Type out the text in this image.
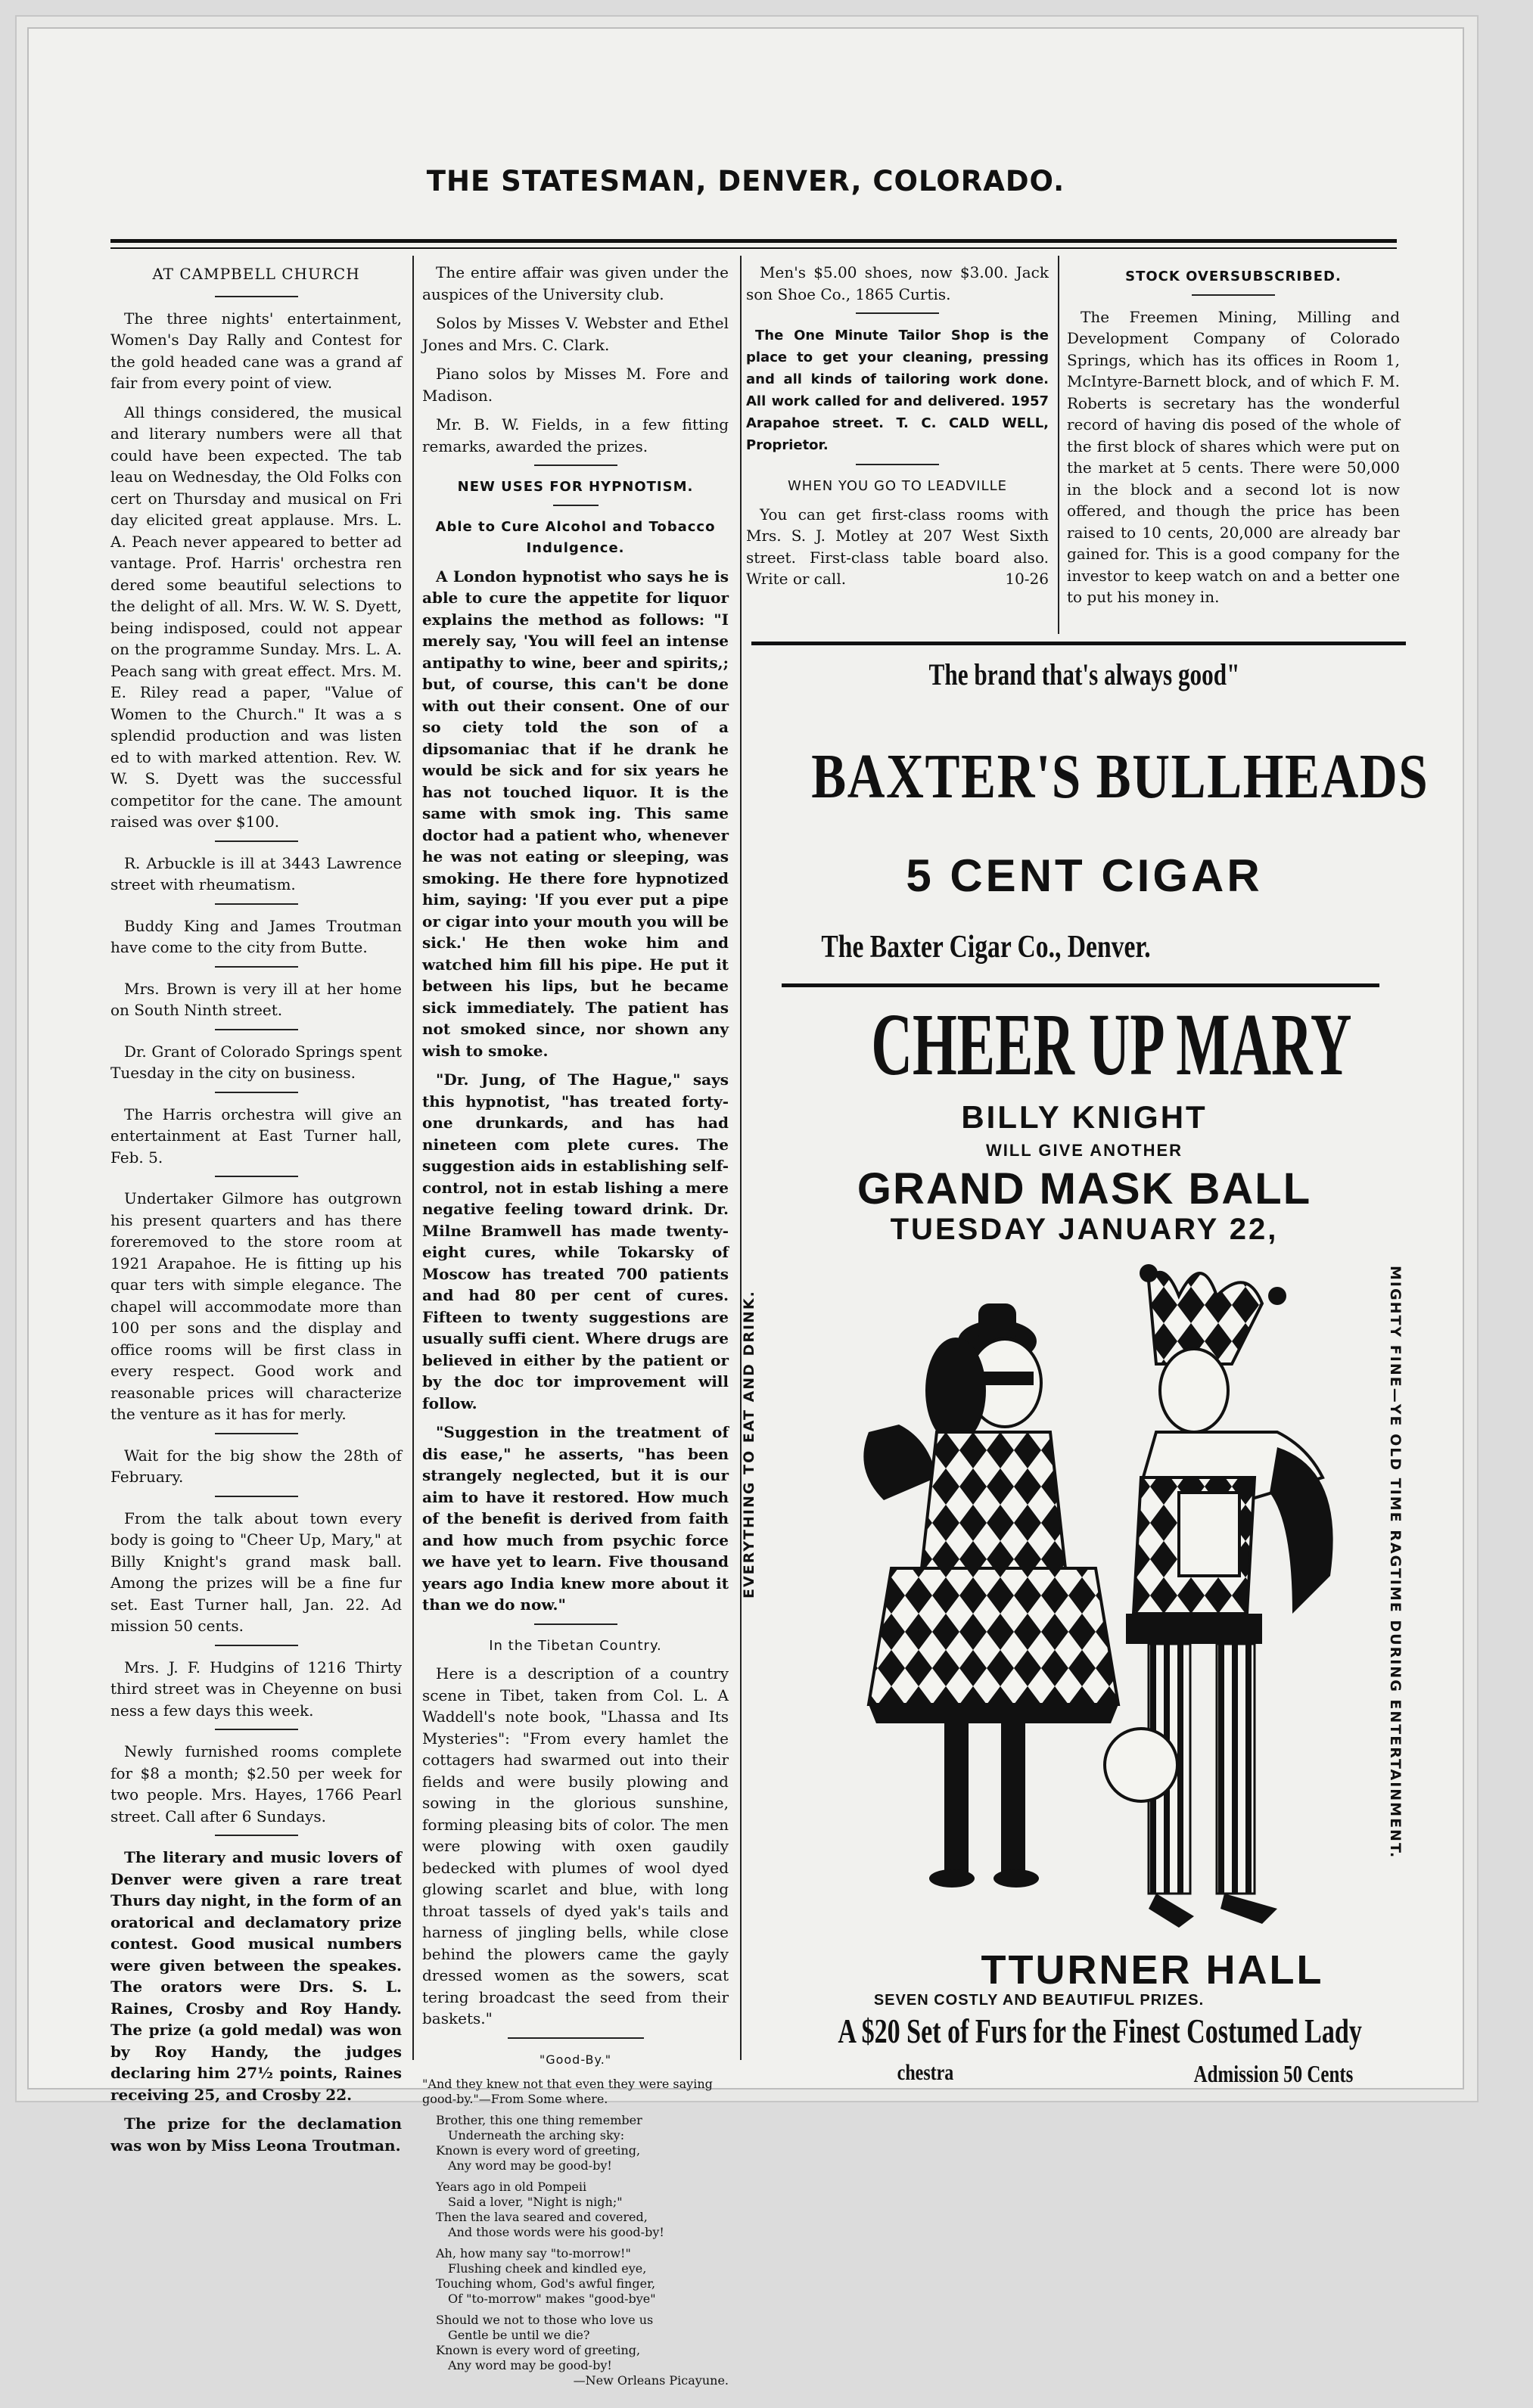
THE STATESMAN, DENVER, COLORADO.
AT CAMPBELL CHURCH

The three nights' entertainment, Women's Day Rally and Contest for the gold headed cane was a grand af fair from every point of view.

All things considered, the musical and literary numbers were all that could have been expected. The tab leau on Wednesday, the Old Folks con cert on Thursday and musical on Fri day elicited great applause. Mrs. L. A. Peach never appeared to better ad vantage. Prof. Harris' orchestra ren dered some beautiful selections to the delight of all. Mrs. W. W. S. Dyett, being indisposed, could not appear on the programme Sunday. Mrs. L. A. Peach sang with great effect. Mrs. M. E. Riley read a paper, "Value of Women to the Church." It was a s splendid production and was listen ed to with marked attention. Rev. W. W. S. Dyett was the successful competitor for the cane. The amount raised was over $100.

R. Arbuckle is ill at 3443 Lawrence street with rheumatism.

Buddy King and James Troutman have come to the city from Butte.

Mrs. Brown is very ill at her home on South Ninth street.

Dr. Grant of Colorado Springs spent Tuesday in the city on business.

The Harris orchestra will give an entertainment at East Turner hall, Feb. 5.

Undertaker Gilmore has outgrown his present quarters and has there foreremoved to the store room at 1921 Arapahoe. He is fitting up his quar ters with simple elegance. The chapel will accommodate more than 100 per sons and the display and office rooms will be first class in every respect. Good work and reasonable prices will characterize the venture as it has for merly.

Wait for the big show the 28th of February.

From the talk about town every body is going to "Cheer Up, Mary," at Billy Knight's grand mask ball. Among the prizes will be a fine fur set. East Turner hall, Jan. 22. Ad mission 50 cents.

Mrs. J. F. Hudgins of 1216 Thirty third street was in Cheyenne on busi ness a few days this week.

Newly furnished rooms complete for $8 a month; $2.50 per week for two people. Mrs. Hayes, 1766 Pearl street. Call after 6 Sundays.

The literary and music lovers of Denver were given a rare treat Thurs day night, in the form of an oratorical and declamatory prize contest. Good musical numbers were given between the speakes. The orators were Drs. S. L. Raines, Crosby and Roy Handy. The prize (a gold medal) was won by Roy Handy, the judges declaring him 27½ points, Raines receiving 25, and Crosby 22.

The prize for the declamation was won by Miss Leona Troutman.

The entire affair was given under the auspices of the University club.

Solos by Misses V. Webster and Ethel Jones and Mrs. C. Clark.

Piano solos by Misses M. Fore and Madison.

Mr. B. W. Fields, in a few fitting remarks, awarded the prizes.

NEW USES FOR HYPNOTISM.
Able to Cure Alcohol and Tobacco Indulgence.

A London hypnotist who says he is able to cure the appetite for liquor explains the method as follows: "I merely say, 'You will feel an intense antipathy to wine, beer and spirits,; but, of course, this can't be done with out their consent. One of our so ciety told the son of a dipsomaniac that if he drank he would be sick and for six years he has not touched liquor. It is the same with smok ing. This same doctor had a patient who, whenever he was not eating or sleeping, was smoking. He there fore hypnotized him, saying: 'If you ever put a pipe or cigar into your mouth you will be sick.' He then woke him and watched him fill his pipe. He put it between his lips, but he became sick immediately. The patient has not smoked since, nor shown any wish to smoke.

"Dr. Jung, of The Hague," says this hypnotist, "has treated forty-one drunkards, and has had nineteen com plete cures. The suggestion aids in establishing self-control, not in estab lishing a mere negative feeling toward drink. Dr. Milne Bramwell has made twenty-eight cures, while Tokarsky of Moscow has treated 700 patients and had 80 per cent of cures. Fifteen to twenty suggestions are usually suffi cient. Where drugs are believed in either by the patient or by the doc tor improvement will follow.

"Suggestion in the treatment of dis ease," he asserts, "has been strangely neglected, but it is our aim to have it restored. How much of the benefit is derived from faith and how much from psychic force we have yet to learn. Five thousand years ago India knew more about it than we do now."

In the Tibetan Country.

Here is a description of a country scene in Tibet, taken from Col. L. A Waddell's note book, "Lhassa and Its Mysteries": "From every hamlet the cottagers had swarmed out into their fields and were busily plowing and sowing in the glorious sunshine, forming pleasing bits of color. The men were plowing with oxen gaudily bedecked with plumes of wool dyed glowing scarlet and blue, with long throat tassels of dyed yak's tails and harness of jingling bells, while close behind the plowers came the gayly dressed women as the sowers, scat tering broadcast the seed from their baskets."

"Good-By."

"And they knew not that even they were saying good-by."—From Some where.

Brother, this one thing remember
Underneath the arching sky:
Known is every word of greeting,
Any word may be good-by!

Years ago in old Pompeii
Said a lover, "Night is nigh;"
Then the lava seared and covered,
And those words were his good-by!

Ah, how many say "to-morrow!"
Flushing cheek and kindled eye,
Touching whom, God's awful finger,
Of "to-morrow" makes "good-bye"

Should we not to those who love us
Gentle be until we die?
Known is every word of greeting,
Any word may be good-by!
—New Orleans Picayune.

Men's $5.00 shoes, now $3.00. Jack son Shoe Co., 1865 Curtis.

The One Minute Tailor Shop is the place to get your cleaning, pressing and all kinds of tailoring work done. All work called for and delivered. 1957 Arapahoe street. T. C. CALD WELL, Proprietor.

WHEN YOU GO TO LEADVILLE

You can get first-class rooms with Mrs. S. J. Motley at 207 West Sixth street. First-class table board also. Write or call.	10-26

STOCK OVERSUBSCRIBED.

The Freemen Mining, Milling and Development Company of Colorado Springs, which has its offices in Room 1, McIntyre-Barnett block, and of which F. M. Roberts is secretary has the wonderful record of having dis posed of the whole of the first block of shares which were put on the market at 5 cents. There were 50,000 in the block and a second lot is now offered, and though the price has been raised to 10 cents, 20,000 are already bar gained for. This is a good company for the investor to keep watch on and a better one to put his money in.

The brand that's always good"
BAXTER'S BULLHEADS
5 CENT CIGAR
The Baxter Cigar Co., Denver.
CHEER UP MARY
BILLY KNIGHT
WILL GIVE ANOTHER
GRAND MASK BALL
TUESDAY JANUARY 22,
EVERYTHING TO EAT AND DRINK.	MIGHTY FINE—YE OLD TIME RAGTIME DURING ENTERTAINMENT.
TTURNER HALL
SEVEN COSTLY AND BEAUTIFUL PRIZES.
A $20 Set of Furs for the Finest Costumed Lady
chestra	Admission 50 Cents
